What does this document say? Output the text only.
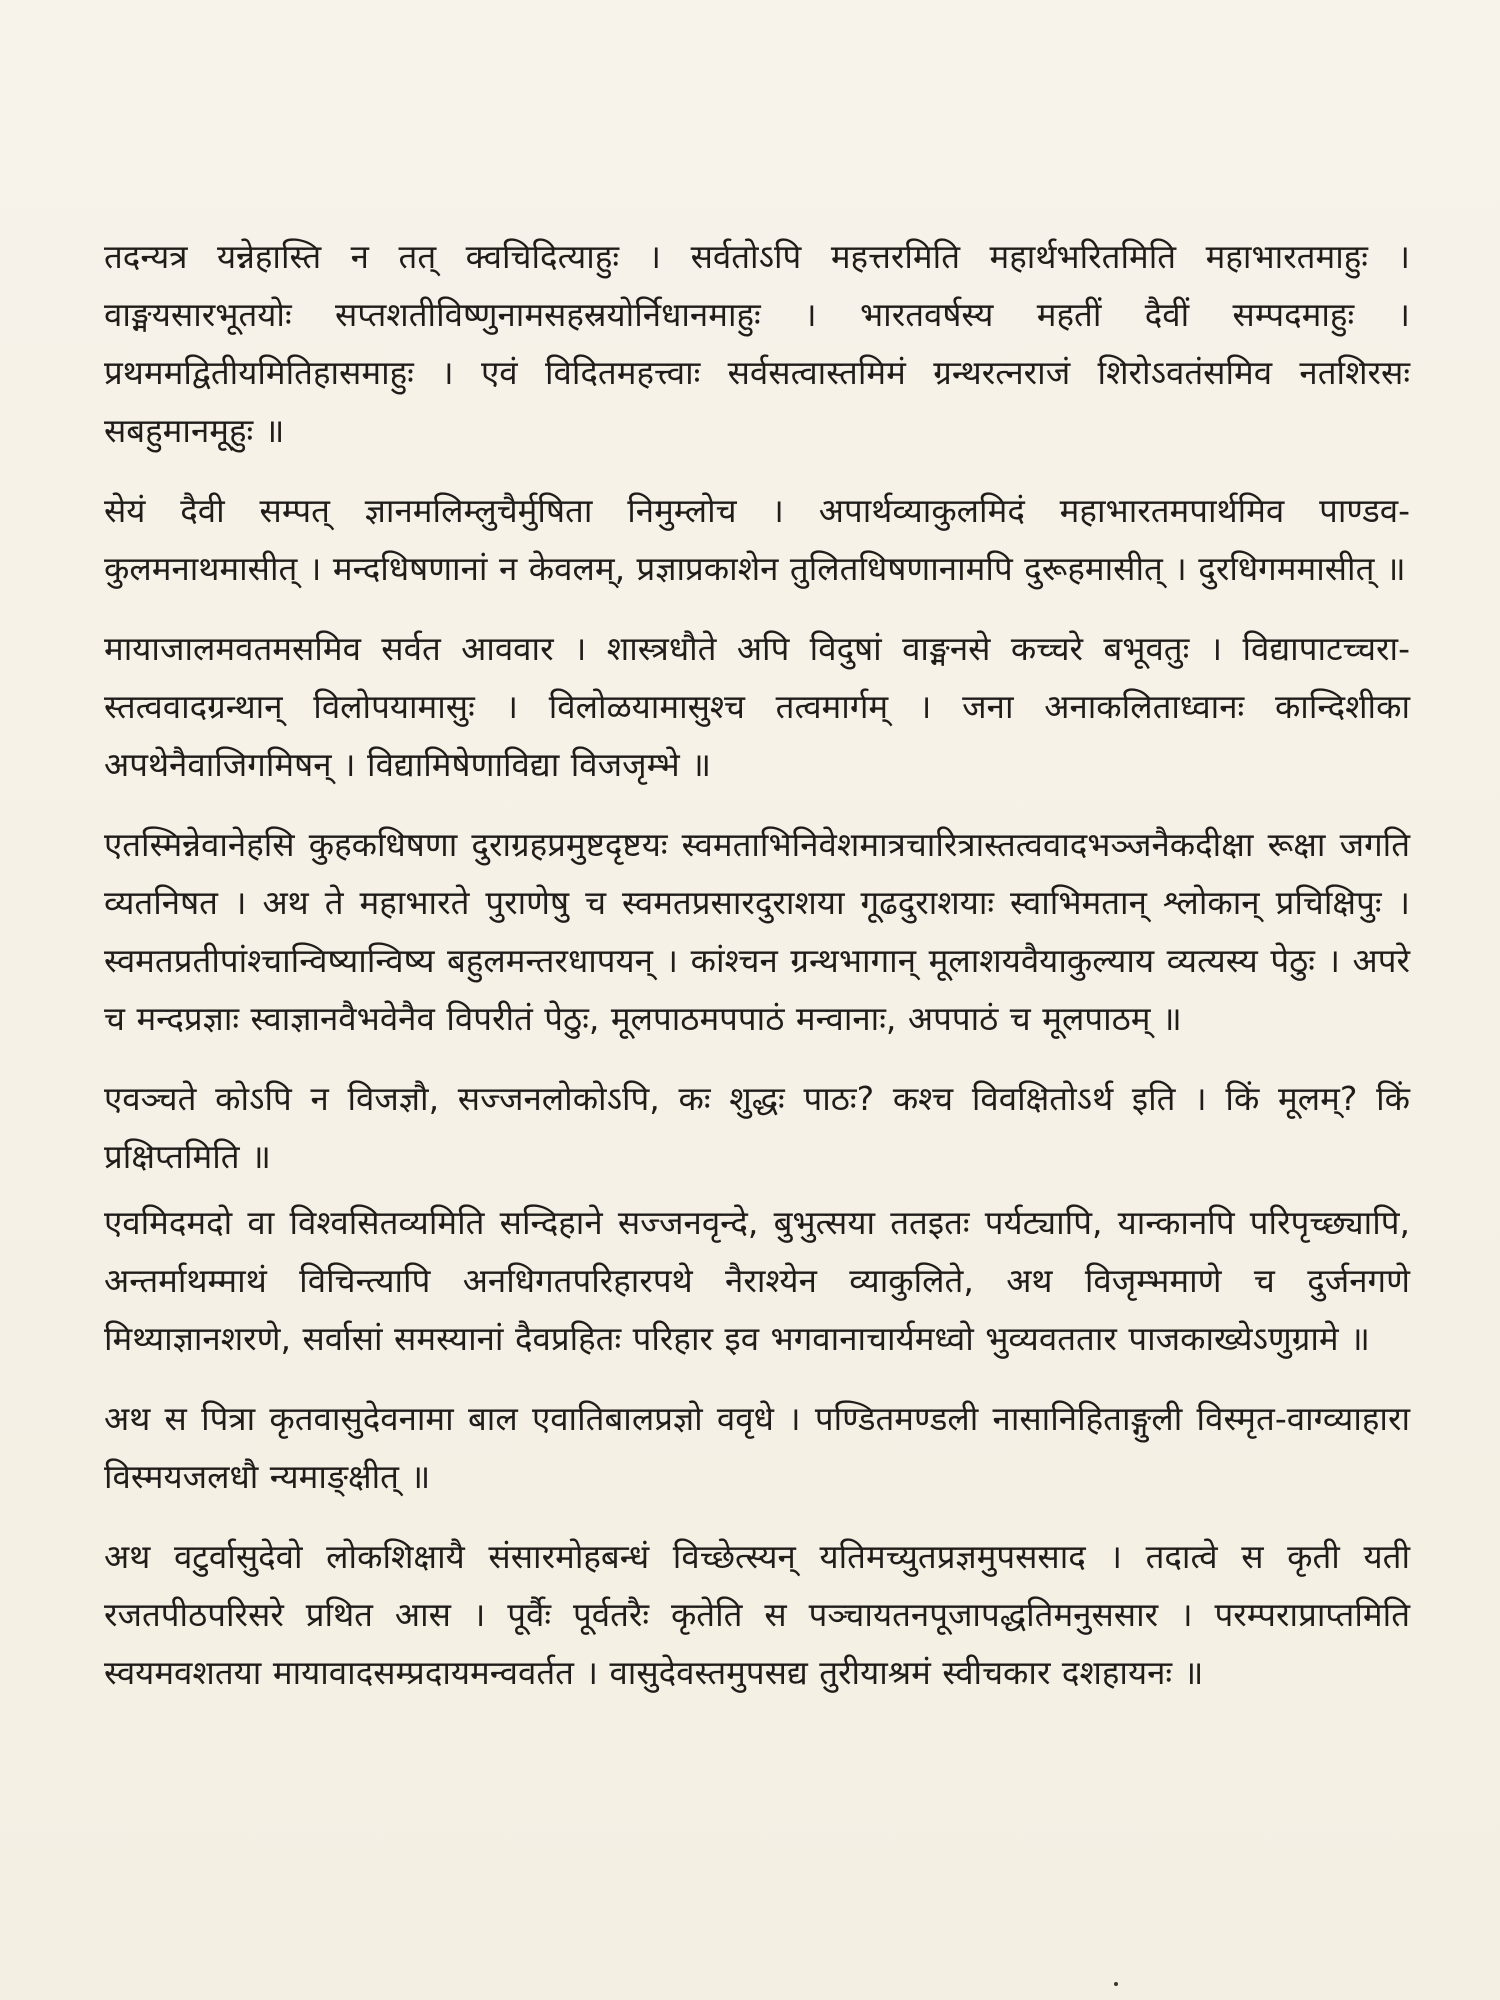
तदन्यत्र यन्नेहास्ति न तत् क्वचिदित्याहुः । सर्वतोऽपि महत्तरमिति महार्थभरितमिति महाभारतमाहुः । वाङ्मयसारभूतयोः सप्तशतीविष्णुनामसहस्रयोर्निधानमाहुः । भारतवर्षस्य महतीं दैवीं सम्पदमाहुः । प्रथममद्वितीयमितिहासमाहुः । एवं विदितमहत्त्वाः सर्वसत्वास्तमिमं ग्रन्थरत्नराजं शिरोऽवतंसमिव नतशिरसः सबहुमानमूहुः ॥

सेयं दैवी सम्पत् ज्ञानमलिम्लुचैर्मुषिता निमुम्लोच । अपार्थव्याकुलमिदं महाभारतमपार्थमिव पाण्डव-कुलमनाथमासीत् । मन्दधिषणानां न केवलम्, प्रज्ञाप्रकाशेन तुलितधिषणानामपि दुरूहमासीत् । दुरधिगममासीत् ॥

मायाजालमवतमसमिव सर्वत आववार । शास्त्रधौते अपि विदुषां वाङ्मनसे कच्चरे बभूवतुः । विद्यापाटच्चरा-स्तत्ववादग्रन्थान् विलोपयामासुः । विलोळयामासुश्च तत्वमार्गम् । जना अनाकलिताध्वानः कान्दिशीका अपथेनैवाजिगमिषन् । विद्यामिषेणाविद्या विजजृम्भे ॥

एतस्मिन्नेवानेहसि कुहकधिषणा दुराग्रहप्रमुष्टदृष्टयः स्वमताभिनिवेशमात्रचारित्रास्तत्ववादभञ्जनैकदीक्षा रूक्षा जगति व्यतनिषत । अथ ते महाभारते पुराणेषु च स्वमतप्रसारदुराशया गूढदुराशयाः स्वाभिमतान् श्लोकान् प्रचिक्षिपुः । स्वमतप्रतीपांश्चान्विष्यान्विष्य बहुलमन्तरधापयन् । कांश्चन ग्रन्थभागान् मूलाशयवैयाकुल्याय व्यत्यस्य पेठुः । अपरे च मन्दप्रज्ञाः स्वाज्ञानवैभवेनैव विपरीतं पेठुः, मूलपाठमपपाठं मन्वानाः, अपपाठं च मूलपाठम् ॥

एवञ्चते कोऽपि न विजज्ञौ, सज्जनलोकोऽपि, कः शुद्धः पाठः? कश्च विवक्षितोऽर्थ इति । किं मूलम्? किं प्रक्षिप्तमिति ॥

एवमिदमदो वा विश्वसितव्यमिति सन्दिहाने सज्जनवृन्दे, बुभुत्सया ततइतः पर्यट्यापि, यान्कानपि परिपृच्छ्यापि, अन्तर्माथम्माथं विचिन्त्यापि अनधिगतपरिहारपथे नैराश्येन व्याकुलिते, अथ विजृम्भमाणे च दुर्जनगणे मिथ्याज्ञानशरणे, सर्वासां समस्यानां दैवप्रहितः परिहार इव भगवानाचार्यमध्वो भुव्यवततार पाजकाख्येऽणुग्रामे ॥

अथ स पित्रा कृतवासुदेवनामा बाल एवातिबालप्रज्ञो ववृधे । पण्डितमण्डली नासानिहिताङ्गुली विस्मृत-वाग्व्याहारा विस्मयजलधौ न्यमाङ्क्षीत् ॥

अथ वटुर्वासुदेवो लोकशिक्षायै संसारमोहबन्धं विच्छेत्स्यन् यतिमच्युतप्रज्ञमुपससाद । तदात्वे स कृती यती रजतपीठपरिसरे प्रथित आस । पूर्वैः पूर्वतरैः कृतेति स पञ्चायतनपूजापद्धतिमनुससार । परम्पराप्राप्तमिति स्वयमवशतया मायावादसम्प्रदायमन्ववर्तत । वासुदेवस्तमुपसद्य तुरीयाश्रमं स्वीचकार दशहायनः ॥
